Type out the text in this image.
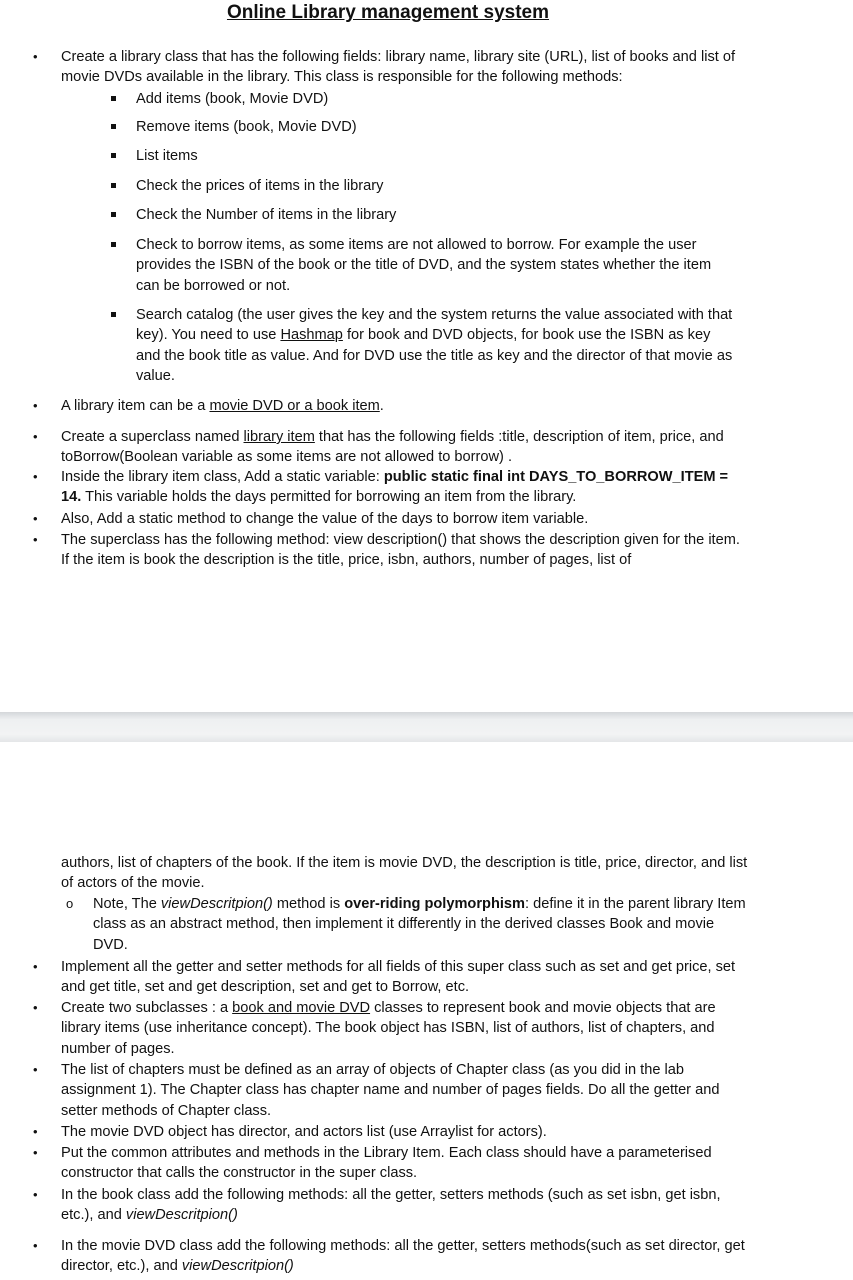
Online Library management system
• Create a library class that has the following fields: library name, library site (URL), list of books and list of movie DVDs available in the library. This class is responsible for the following methods:
Add items (book, Movie DVD)
Remove items (book, Movie DVD)
List items
Check the prices of items in the library
Check the Number of items in the library
Check to borrow items, as some items are not allowed to borrow. For example the user provides the ISBN of the book or the title of DVD, and the system states whether the item can be borrowed or not.
Search catalog (the user gives the key and the system returns the value associated with that key). You need to use Hashmap for book and DVD objects, for book use the ISBN as key and the book title as value. And for DVD use the title as key and the director of that movie as value.
• A library item can be a movie DVD or a book item.
• Create a superclass named library item that has the following fields :title, description of item, price, and toBorrow(Boolean variable as some items are not allowed to borrow) .
• Inside the library item class, Add a static variable: public static final int DAYS_TO_BORROW_ITEM = 14. This variable holds the days permitted for borrowing an item from the library.
• Also, Add a static method to change the value of the days to borrow item variable.
• The superclass has the following method: view description() that shows the description given for the item. If the item is book the description is the title, price, isbn, authors, number of pages, list of
authors, list of chapters of the book. If the item is movie DVD, the description is title, price, director, and list of actors of the movie.
o Note, The viewDescritpion() method is over-riding polymorphism: define it in the parent library Item class as an abstract method, then implement it differently in the derived classes Book and movie DVD.
• Implement all the getter and setter methods for all fields of this super class such as set and get price, set and get title, set and get description, set and get to Borrow, etc.
• Create two subclasses : a book and movie DVD classes to represent book and movie objects that are library items (use inheritance concept). The book object has ISBN, list of authors, list of chapters, and number of pages.
• The list of chapters must be defined as an array of objects of Chapter class (as you did in the lab assignment 1). The Chapter class has chapter name and number of pages fields. Do all the getter and setter methods of Chapter class.
• The movie DVD object has director, and actors list (use Arraylist for actors).
• Put the common attributes and methods in the Library Item. Each class should have a parameterised constructor that calls the constructor in the super class.
• In the book class add the following methods: all the getter, setters methods (such as set isbn, get isbn, etc.), and viewDescritpion()
• In the movie DVD class add the following methods: all the getter, setters methods(such as set director, get director, etc.), and viewDescritpion()
